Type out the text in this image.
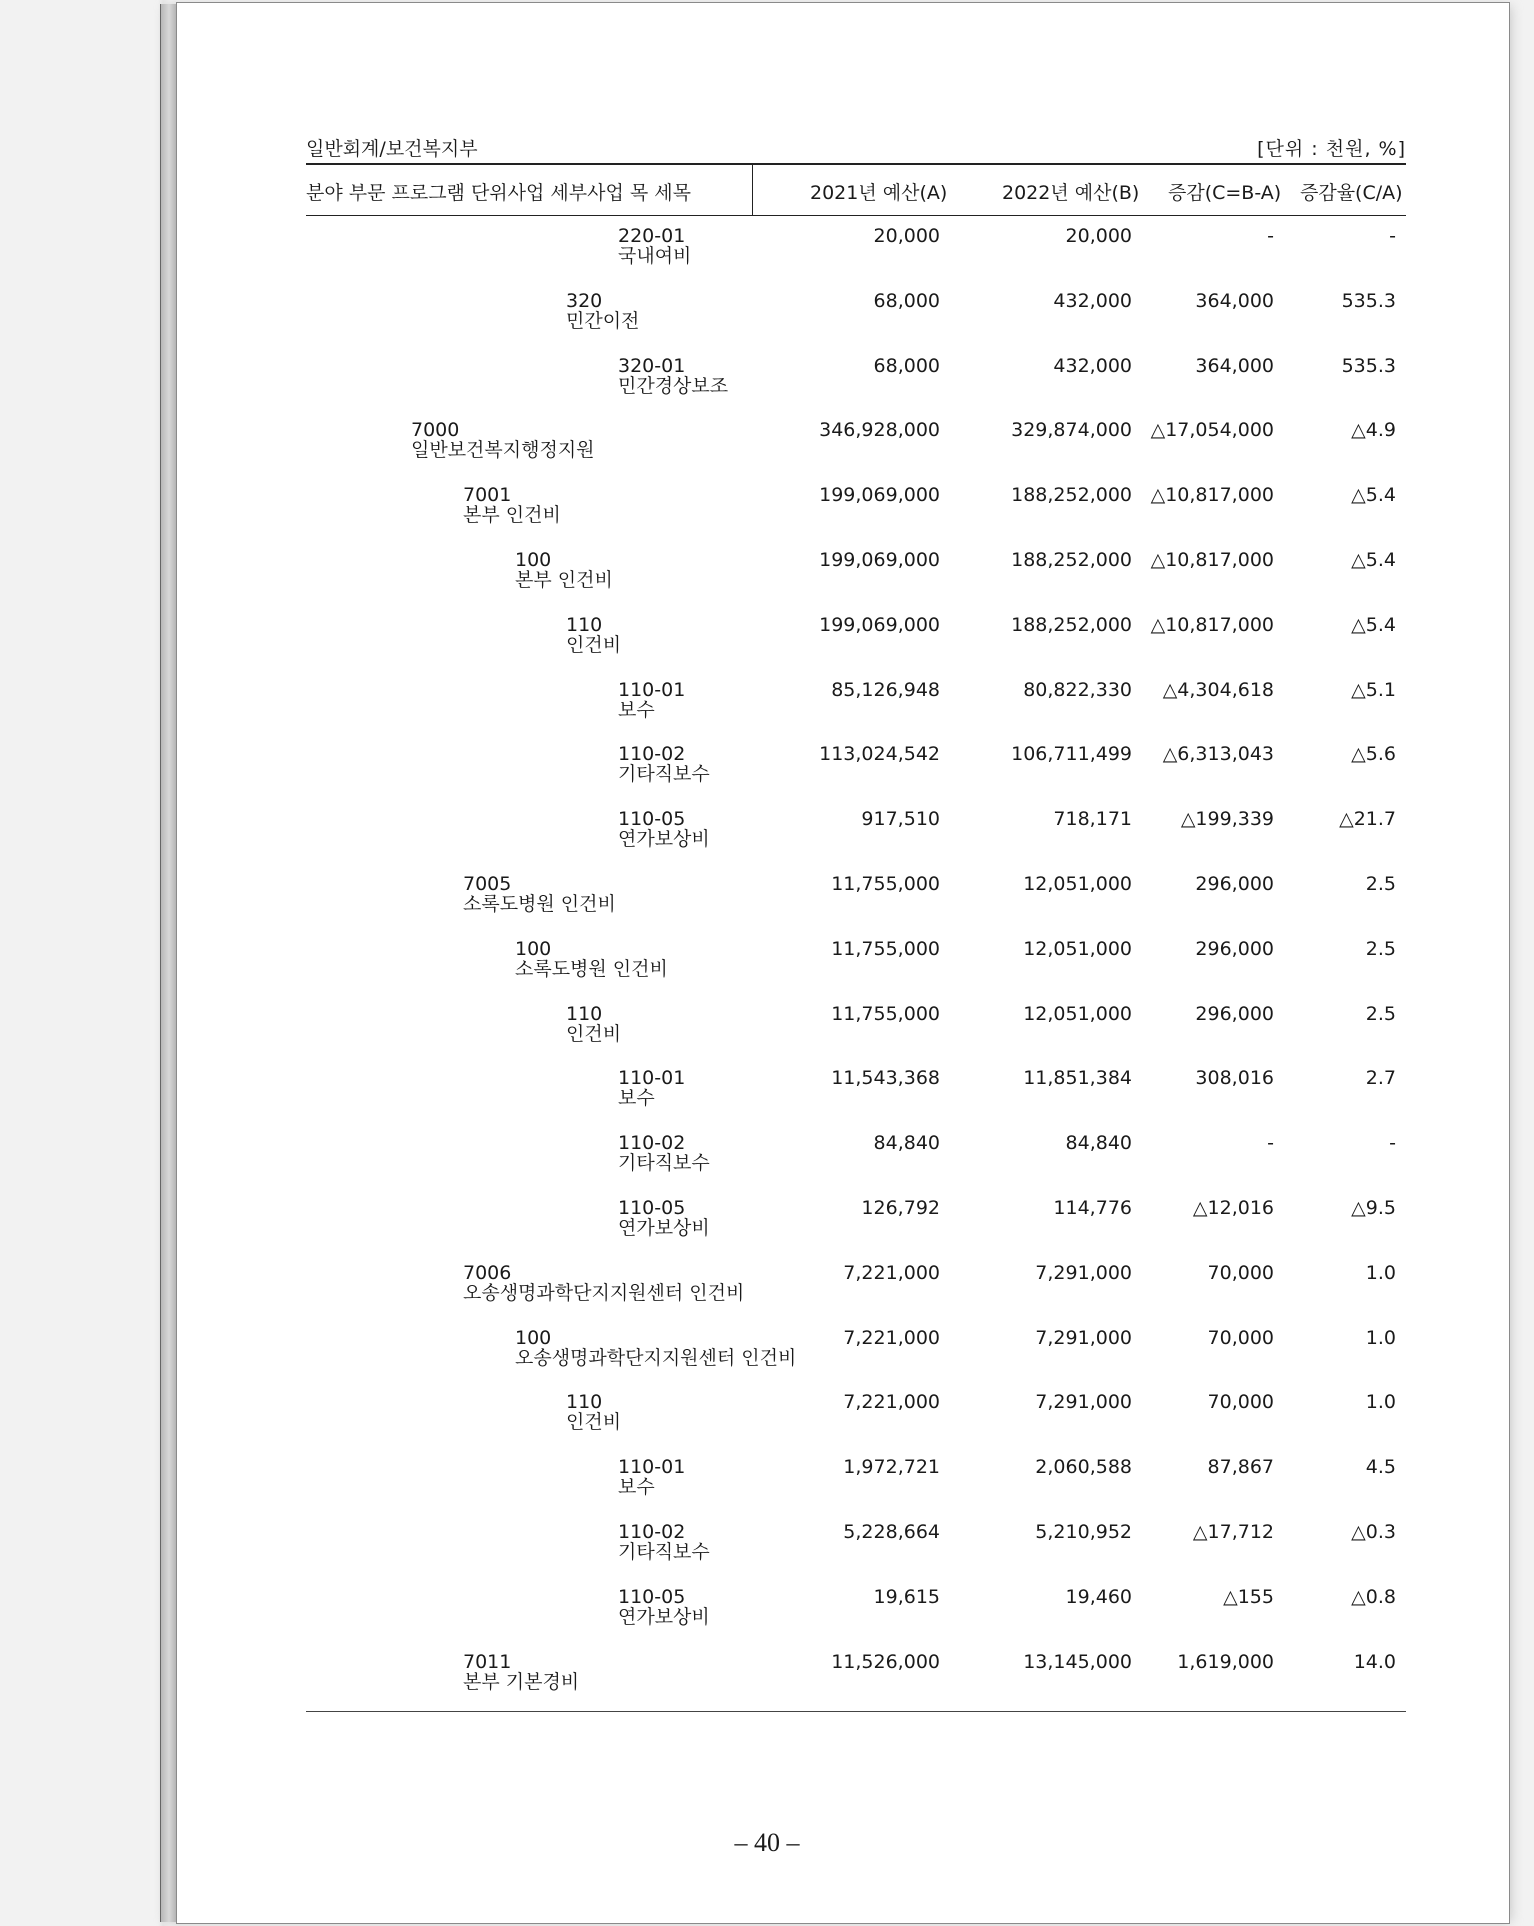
일반회계/보건복지부	[단위 : 천원, %]
분야 부문 프로그램 단위사업 세부사업 목 세목	2021년 예산(A)	2022년 예산(B) 증감(C=B-A) 증감율(C/A)
220-01
국내여비
20,000	20,000	-	-
320
민간이전
68,000	432,000	364,000	535.3
320-01
민간경상보조
68,000	432,000	364,000	535.3
7000
일반보건복지행정지원
346,928,000	329,874,000 △17,054,000	△4.9
7001
본부 인건비
199,069,000	188,252,000 △10,817,000	△5.4
100
본부 인건비
199,069,000	188,252,000 △10,817,000	△5.4
110
인건비
199,069,000	188,252,000 △10,817,000	△5.4
110-01
보수
85,126,948	80,822,330 △4,304,618	△5.1
110-02
기타직보수
113,024,542	106,711,499 △6,313,043	△5.6
110-05
연가보상비
917,510	718,171	△199,339	△21.7
7005
소록도병원 인건비
11,755,000	12,051,000	296,000	2.5
100
소록도병원 인건비
11,755,000	12,051,000	296,000	2.5
110
인건비
11,755,000	12,051,000	296,000	2.5
110-01
보수
11,543,368	11,851,384	308,016	2.7
110-02
기타직보수
84,840	84,840	-	-
110-05
연가보상비
126,792	114,776	△12,016	△9.5
7006
오송생명과학단지지원센터 인건비
7,221,000	7,291,000	70,000	1.0
100
오송생명과학단지지원센터 인건비
7,221,000	7,291,000	70,000	1.0
110
인건비
7,221,000	7,291,000	70,000	1.0
110-01
보수
1,972,721	2,060,588	87,867	4.5
110-02
기타직보수
5,228,664	5,210,952	△17,712	△0.3
110-05
연가보상비
19,615	19,460	△155	△0.8
7011
본부 기본경비
11,526,000	13,145,000 1,619,000	14.0
– 40 –
